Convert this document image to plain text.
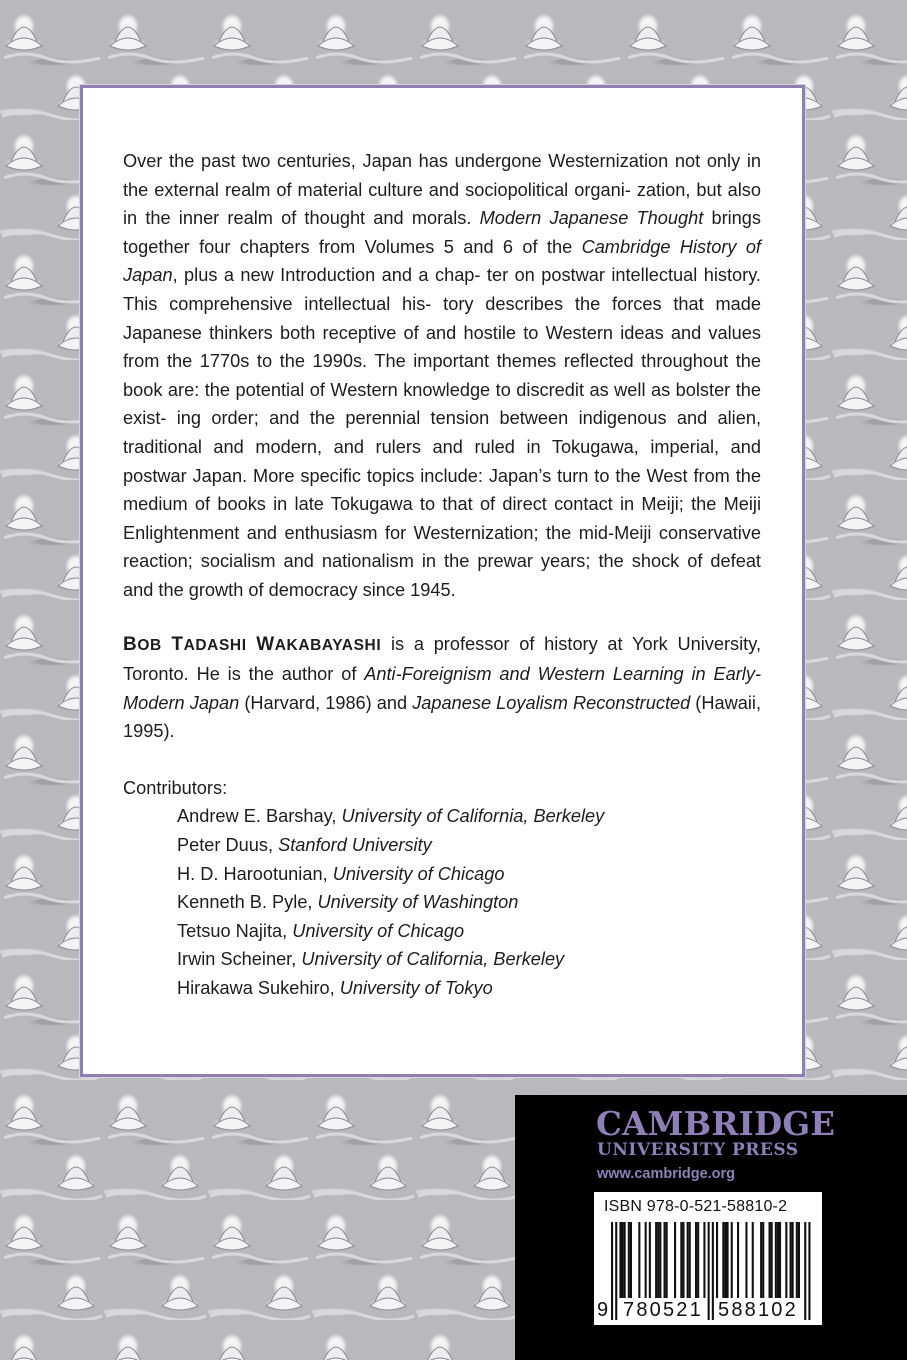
Over the past two centuries, Japan has undergone Westernization not only in the external realm of material culture and sociopolitical organi- zation, but also in the inner realm of thought and morals. Modern Japanese Thought brings together four chapters from Volumes 5 and 6 of the Cambridge History of Japan, plus a new Introduction and a chap- ter on postwar intellectual history. This comprehensive intellectual his- tory describes the forces that made Japanese thinkers both receptive of and hostile to Western ideas and values from the 1770s to the 1990s. The important themes reflected throughout the book are: the potential of Western knowledge to discredit as well as bolster the exist- ing order; and the perennial tension between indigenous and alien, traditional and modern, and rulers and ruled in Tokugawa, imperial, and postwar Japan. More specific topics include: Japan’s turn to the West from the medium of books in late Tokugawa to that of direct contact in Meiji; the Meiji Enlightenment and enthusiasm for Westernization; the mid-Meiji conservative reaction; socialism and nationalism in the prewar years; the shock of defeat and the growth of democracy since 1945.

BOB TADASHI WAKABAYASHI is a professor of history at York University, Toronto. He is the author of Anti-Foreignism and Western Learning in Early-Modern Japan (Harvard, 1986) and Japanese Loyalism Reconstructed (Hawaii, 1995).

Contributors:
Andrew E. Barshay, University of California, Berkeley
Peter Duus, Stanford University
H. D. Harootunian, University of Chicago
Kenneth B. Pyle, University of Washington
Tetsuo Najita, University of Chicago
Irwin Scheiner, University of California, Berkeley
Hirakawa Sukehiro, University of Tokyo
CAMBRIDGE
UNIVERSITY PRESS
www.cambridge.org
ISBN 978-0-521-58810-2
9 780521 588102
